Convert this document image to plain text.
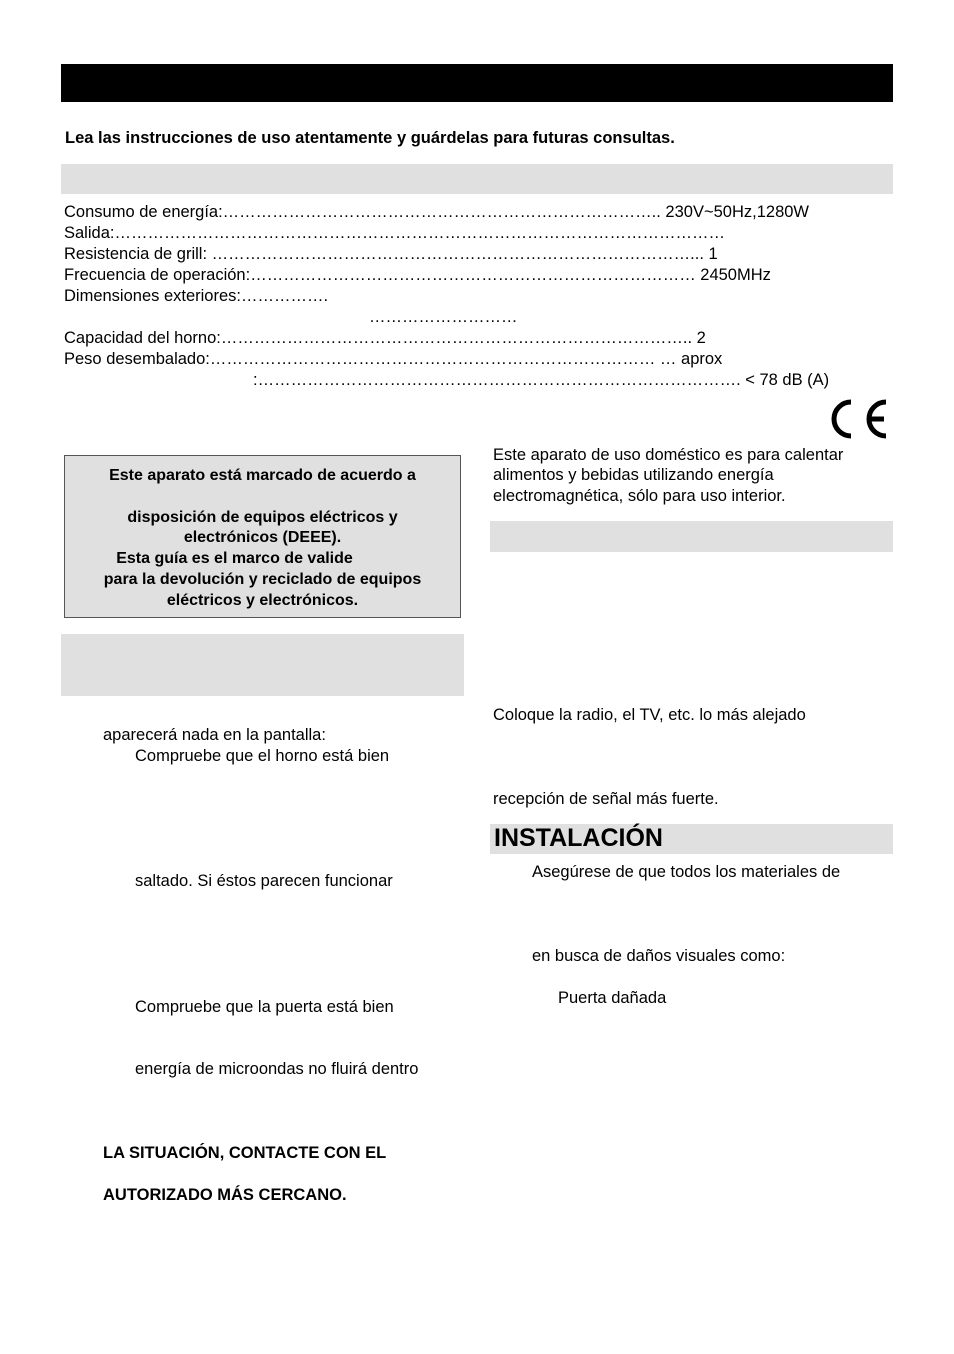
Lea las instrucciones de uso atentamente y guárdelas para futuras consultas.
Consumo de energía:…………………………………………………………………….. 230V~50Hz,1280W
Salida:…………………………………………………………………………………………………
Resistencia de grill: ……………………………………………………………………………... 1
Frecuencia de operación:……………………………………………………………………… 2450MHz
Dimensiones exteriores:…………….
………………………
Capacidad del horno:………………………………………………………………………….. 2
Peso desembalado:……………………………………………………………………… … aprox
:……………………………………………………………………………. < 78 dB (A)
Este aparato está marcado de acuerdo a
disposición de equipos eléctricos y
electrónicos (DEEE).
Esta guía es el marco de valide
para la devolución y reciclado de equipos
eléctricos y electrónicos.
aparecerá nada en la pantalla:
Compruebe que el horno está bien
saltado. Si éstos parecen funcionar
Compruebe que la puerta está bien
energía de microondas no fluirá dentro
LA SITUACIÓN, CONTACTE CON EL
AUTORIZADO MÁS CERCANO.
Este aparato de uso doméstico es para calentar
alimentos y bebidas utilizando energía
electromagnética, sólo para uso interior.
Coloque la radio, el TV, etc. lo más alejado
recepción de señal más fuerte.
INSTALACIÓN
Asegúrese de que todos los materiales de
en busca de daños visuales como:
Puerta dañada
